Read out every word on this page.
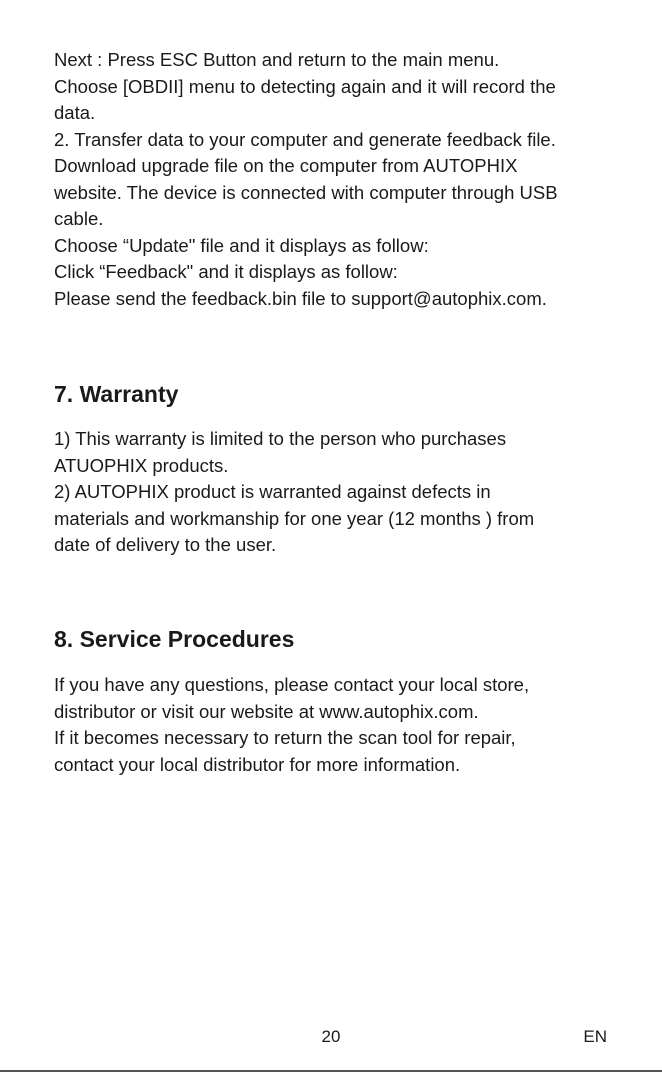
Next : Press ESC Button and return to the main menu.

Choose [OBDII] menu to detecting again and it will record the

data.

2. Transfer data to your computer and generate feedback file.

Download upgrade file on the computer from AUTOPHIX

website. The device is connected with computer through USB

cable.

Choose “Update" file and it displays as follow:

Click “Feedback" and it displays as follow:

Please send the feedback.bin file to support@autophix.com.

7. Warranty

1) This warranty is limited to the person who purchases

ATUOPHIX products.

2) AUTOPHIX product is warranted against defects in

materials and workmanship for one year (12 months ) from

date of delivery to the user.

8. Service Procedures

If you have any questions, please contact your local store,

distributor or visit our website at www.autophix.com.

If it becomes necessary to return the scan tool for repair,

contact your local distributor for more information.

20	EN
